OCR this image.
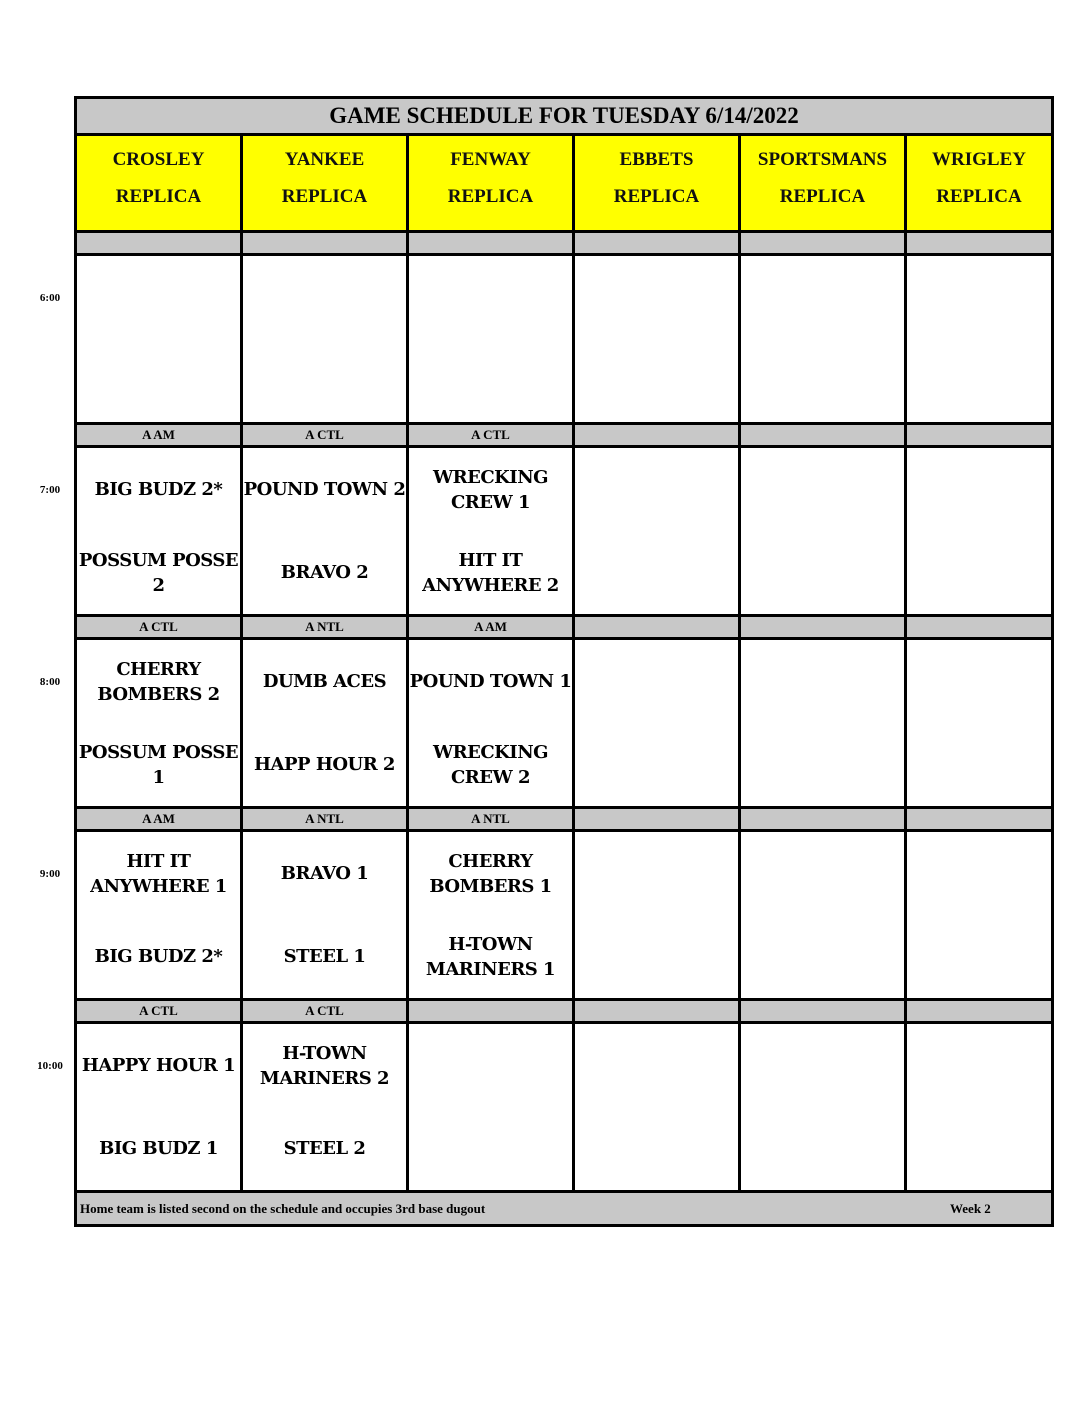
GAME SCHEDULE FOR TUESDAY 6/14/2022
CROSLEY
REPLICA
YANKEE
REPLICA
FENWAY
REPLICA
EBBETS
REPLICA
SPORTSMANS
REPLICA
WRIGLEY
REPLICA
A AM
BIG BUDZ 2*
POSSUM POSSE 2
A CTL
POUND TOWN 2
BRAVO 2
A CTL
WRECKING CREW 1
HIT IT ANYWHERE 2
A CTL
CHERRY BOMBERS 2
POSSUM POSSE 1
A NTL
DUMB ACES
HAPP HOUR 2
A AM
POUND TOWN 1
WRECKING CREW 2
A AM
HIT IT ANYWHERE 1
BIG BUDZ 2*
A NTL
BRAVO 1
STEEL 1
A NTL
CHERRY BOMBERS 1
H-TOWN MARINERS 1
A CTL
HAPPY HOUR 1
BIG BUDZ 1
A CTL
H-TOWN MARINERS 2
STEEL 2
Home team is listed second on the schedule and occupies 3rd base dugout	Week 2
6:00
7:00
8:00
9:00
10:00
